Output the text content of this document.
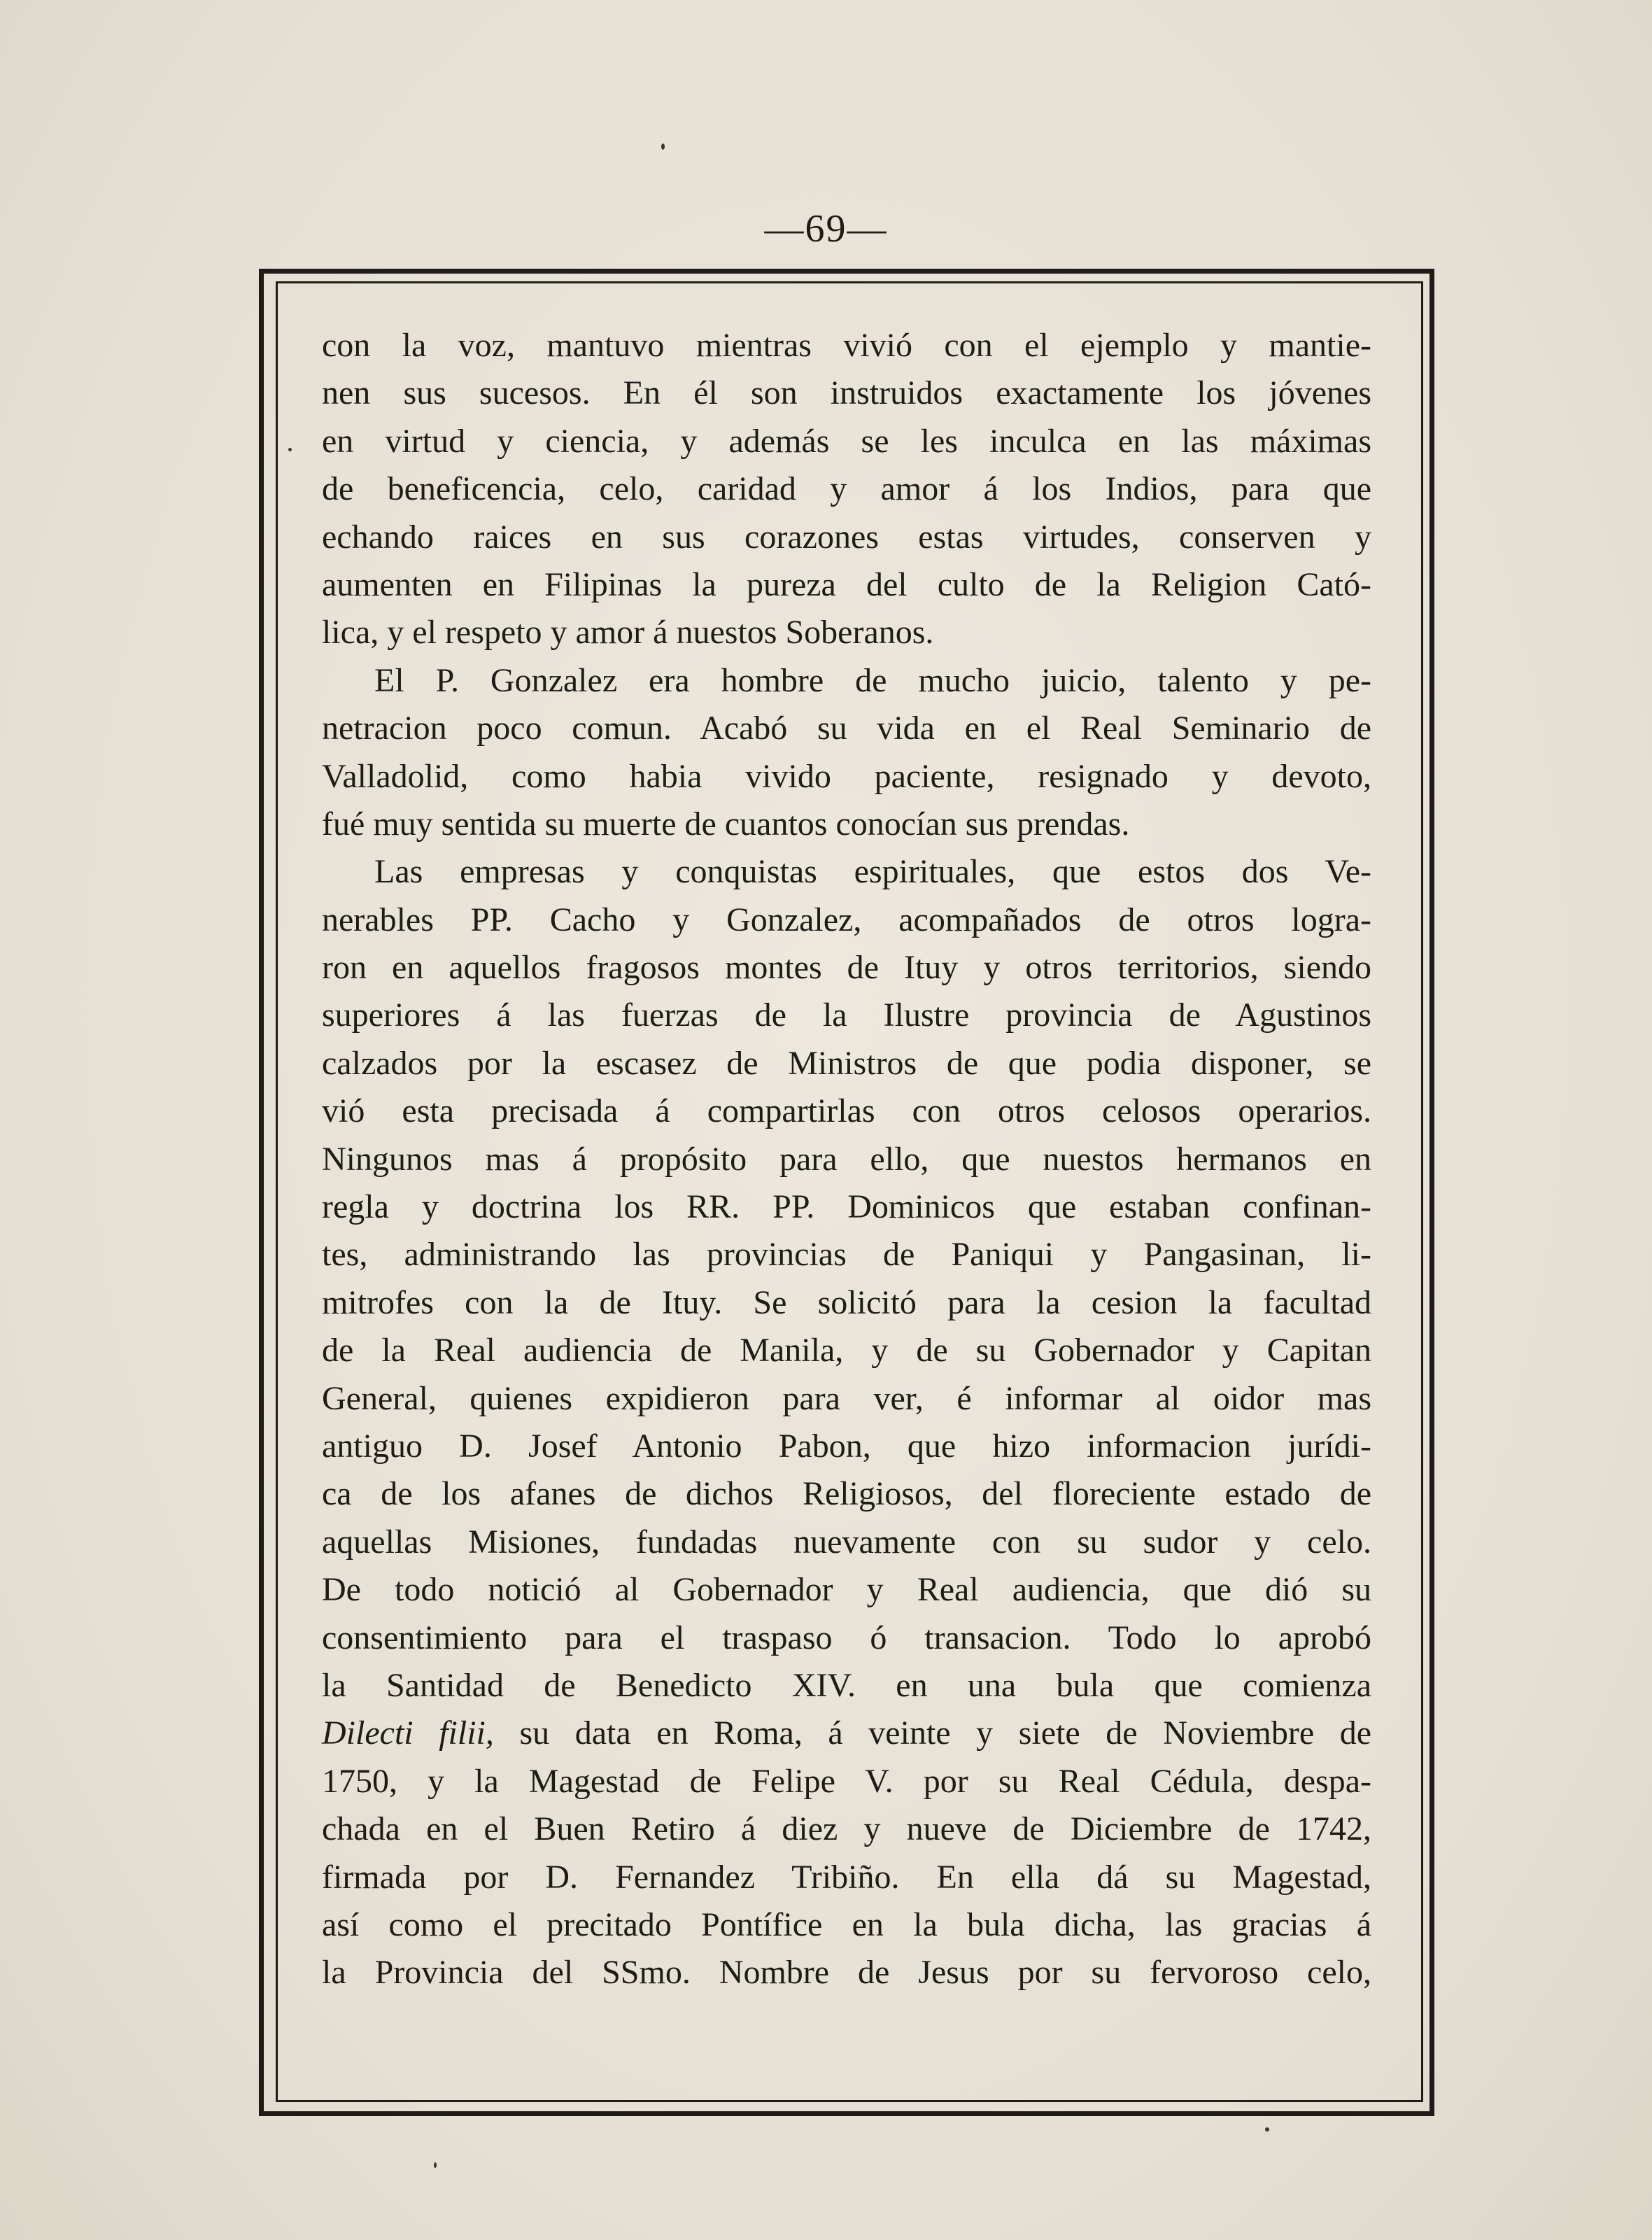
—69—
con la voz, mantuvo mientras vivió con el ejemplo y mantie-
nen sus sucesos. En él son instruidos exactamente los jóvenes
en virtud y ciencia, y además se les inculca en las máximas
de beneficencia, celo, caridad y amor á los Indios, para que
echando raices en sus corazones estas virtudes, conserven y
aumenten en Filipinas la pureza del culto de la Religion Cató-
lica, y el respeto y amor á nuestos Soberanos.
El P. Gonzalez era hombre de mucho juicio, talento y pe-
netracion poco comun. Acabó su vida en el Real Seminario de
Valladolid, como habia vivido paciente, resignado y devoto,
fué muy sentida su muerte de cuantos conocían sus prendas.
Las empresas y conquistas espirituales, que estos dos Ve-
nerables PP. Cacho y Gonzalez, acompañados de otros logra-
ron en aquellos fragosos montes de Ituy y otros territorios, siendo
superiores á las fuerzas de la Ilustre provincia de Agustinos
calzados por la escasez de Ministros de que podia disponer, se
vió esta precisada á compartirlas con otros celosos operarios.
Ningunos mas á propósito para ello, que nuestos hermanos en
regla y doctrina los RR. PP. Dominicos que estaban confinan-
tes, administrando las provincias de Paniqui y Pangasinan, li-
mitrofes con la de Ituy. Se solicitó para la cesion la facultad
de la Real audiencia de Manila, y de su Gobernador y Capitan
General, quienes expidieron para ver, é informar al oidor mas
antiguo D. Josef Antonio Pabon, que hizo informacion jurídi-
ca de los afanes de dichos Religiosos, del floreciente estado de
aquellas Misiones, fundadas nuevamente con su sudor y celo.
De todo notició al Gobernador y Real audiencia, que dió su
consentimiento para el traspaso ó transacion. Todo lo aprobó
la Santidad de Benedicto XIV. en una bula que comienza
Dilecti filii, su data en Roma, á veinte y siete de Noviembre de
1750, y la Magestad de Felipe V. por su Real Cédula, despa-
chada en el Buen Retiro á diez y nueve de Diciembre de 1742,
firmada por D. Fernandez Tribiño. En ella dá su Magestad,
así como el precitado Pontífice en la bula dicha, las gracias á
la Provincia del SSmo. Nombre de Jesus por su fervoroso celo,
